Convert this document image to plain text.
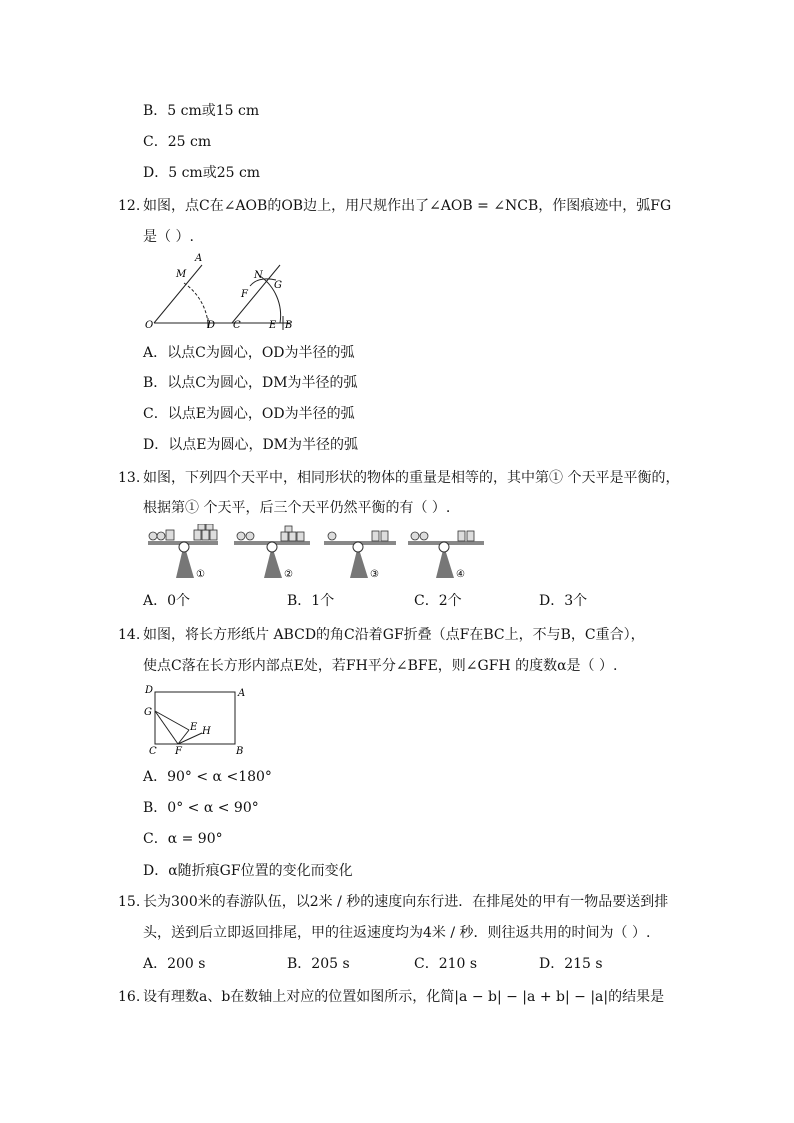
B．5 cm或15 cm
C．25 cm
D．5 cm或25 cm
12. 如图，点C在∠AOB的OB边上，用尺规作出了∠AOB = ∠NCB，作图痕迹中，弧FG
是（ ）.
A
M
O	D
N
G
F
C	E B
A．以点C为圆心，OD为半径的弧
B．以点C为圆心，DM为半径的弧
C．以点E为圆心，OD为半径的弧
D．以点E为圆心，DM为半径的弧
13. 如图，下列四个天平中，相同形状的物体的重量是相等的，其中第① 个天平是平衡的，
根据第① 个天平，后三个天平仍然平衡的有（ ）.
①	②	③	④
A．0个	B．1个	C．2个	D．3个
14. 如图，将长方形纸片 ABCD的角C沿着GF折叠（点F在BC上，不与B，C重合），
使点C落在长方形内部点E处，若FH平分∠BFE，则∠GFH 的度数α是（ ）.
D	A
G
E H
C F	B
A．90° < α <180°
B．0° < α < 90°
C．α = 90°
D．α随折痕GF位置的变化而变化
15. 长为300米的春游队伍，以2米 / 秒的速度向东行进．在排尾处的甲有一物品要送到排
头，送到后立即返回排尾，甲的往返速度均为4米 / 秒．则往返共用的时间为（ ）.
A．200 s	B．205 s	C．210 s	D．215 s
16. 设有理数a、b在数轴上对应的位置如图所示，化简|a − b| − |a + b| − |a|的结果是
